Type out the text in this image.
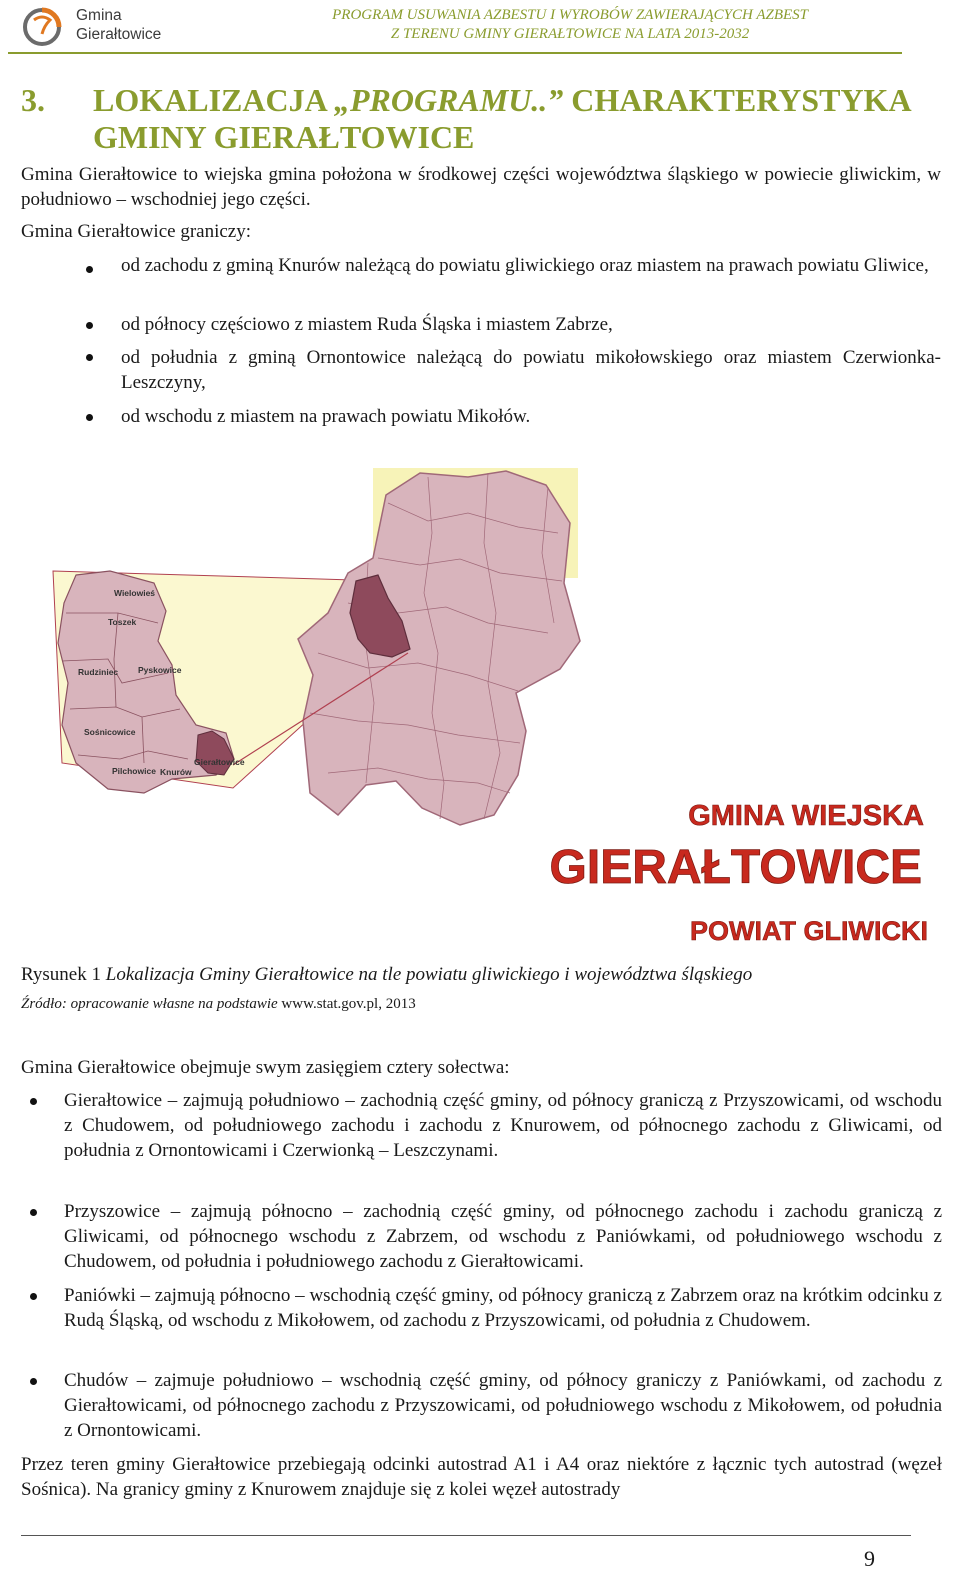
Gmina
Gierałtowice
PROGRAM USUWANIA AZBESTU I WYROBÓW ZAWIERAJĄCYCH AZBEST
Z TERENU GMINY GIERAŁTOWICE NA LATA 2013-2032
3. LOKALIZACJA „PROGRAMU..” CHARAKTERYSTYKA
GMINY GIERAŁTOWICE
Gmina Gierałtowice to wiejska gmina położona w środkowej części województwa śląskiego w powiecie gliwickim, w południowo – wschodniej jego części.
Gmina Gierałtowice graniczy:
od zachodu z gminą Knurów należącą do powiatu gliwickiego oraz miastem na prawach powiatu Gliwice,
od północy częściowo z miastem Ruda Śląska i miastem Zabrze,
od południa z gminą Ornontowice należącą do powiatu mikołowskiego oraz miastem Czerwionka-Leszczyny,
od wschodu z miastem na prawach powiatu Mikołów.
Wielowieś
Toszek
Rudziniec Pyskowice
Sośnicowice
Pilchowice Knurów
Gierałtowice
GMINA WIEJSKA
GIERAŁTOWICE
POWIAT GLIWICKI
Rysunek 1 Lokalizacja Gminy Gierałtowice na tle powiatu gliwickiego i województwa śląskiego
Źródło: opracowanie własne na podstawie www.stat.gov.pl, 2013
Gmina Gierałtowice obejmuje swym zasięgiem cztery sołectwa:
Gierałtowice – zajmują południowo – zachodnią część gminy, od północy graniczą z Przyszowicami, od wschodu z Chudowem, od południowego zachodu i zachodu z Knurowem, od północnego zachodu z Gliwicami, od południa z Ornontowicami i Czerwionką – Leszczynami.
Przyszowice – zajmują północno – zachodnią część gminy, od północnego zachodu i zachodu graniczą z Gliwicami, od północnego wschodu z Zabrzem, od wschodu z Paniówkami, od południowego wschodu z Chudowem, od południa i południowego zachodu z Gierałtowicami.
Paniówki – zajmują północno – wschodnią część gminy, od północy graniczą z Zabrzem oraz na krótkim odcinku z Rudą Śląską, od wschodu z Mikołowem, od zachodu z Przyszowicami, od południa z Chudowem.
Chudów – zajmuje południowo – wschodnią część gminy, od północy graniczy z Paniówkami, od zachodu z Gierałtowicami, od północnego zachodu z Przyszowicami, od południowego wschodu z Mikołowem, od południa z Ornontowicami.
Przez teren gminy Gierałtowice przebiegają odcinki autostrad A1 i A4 oraz niektóre z łącznic tych autostrad (węzeł Sośnica). Na granicy gminy z Knurowem znajduje się z kolei węzeł autostrady
9
